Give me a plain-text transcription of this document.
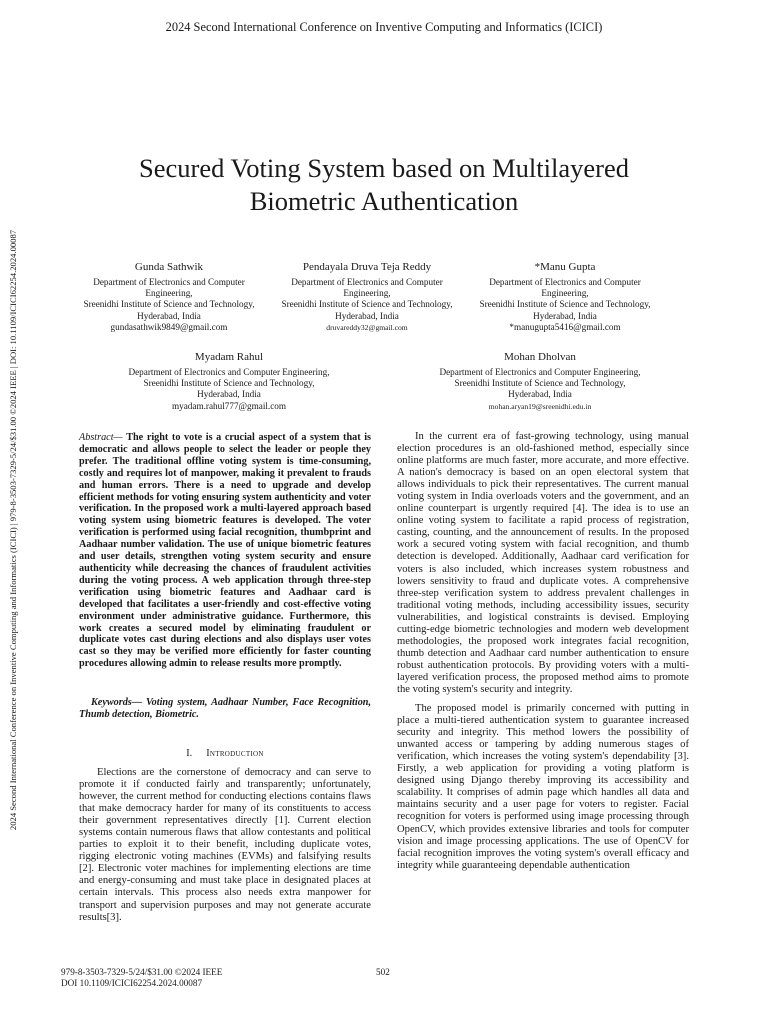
2024 Second International Conference on Inventive Computing and Informatics (ICICI)
2024 Second International Conference on Inventive Computing and Informatics (ICICI) | 979-8-3503-7329-5/24/$31.00 ©2024 IEEE | DOI: 10.1109/ICICI62254.2024.00087
Secured Voting System based on Multilayered
Biometric Authentication
Gunda Sathwik
Department of Electronics and Computer
Engineering,
Sreenidhi Institute of Science and Technology,
Hyderabad, India
gundasathwik9849@gmail.com
Pendayala Druva Teja Reddy
Department of Electronics and Computer
Engineering,
Sreenidhi Institute of Science and Technology,
Hyderabad, India
druvareddy32@gmail.com
*Manu Gupta
Department of Electronics and Computer
Engineering,
Sreenidhi Institute of Science and Technology,
Hyderabad, India
*manugupta5416@gmail.com
Myadam Rahul
Department of Electronics and Computer Engineering,
Sreenidhi Institute of Science and Technology,
Hyderabad, India
myadam.rahul777@gmail.com
Mohan Dholvan
Department of Electronics and Computer Engineering,
Sreenidhi Institute of Science and Technology,
Hyderabad, India
mohan.aryan19@sreenidhi.edu.in
Abstract— The right to vote is a crucial aspect of a system that is democratic and allows people to select the leader or people they prefer. The traditional offline voting system is time-consuming, costly and requires lot of manpower, making it prevalent to frauds and human errors. There is a need to upgrade and develop efficient methods for voting ensuring system authenticity and voter verification. In the proposed work a multi-layered approach based voting system using biometric features is developed. The voter verification is performed using facial recognition, thumbprint and Aadhaar number validation. The use of unique biometric features and user details, strengthen voting system security and ensure authenticity while decreasing the chances of fraudulent activities during the voting process. A web application through three-step verification using biometric features and Aadhaar card is developed that facilitates a user-friendly and cost-effective voting environment under administrative guidance. Furthermore, this work creates a secured model by eliminating fraudulent or duplicate votes cast during elections and also displays user votes cast so they may be verified more efficiently for faster counting procedures allowing admin to release results more promptly.
Keywords— Voting system, Aadhaar Number, Face Recognition, Thumb detection, Biometric.
I. Introduction

Elections are the cornerstone of democracy and can serve to promote it if conducted fairly and transparently; unfortunately, however, the current method for conducting elections contains flaws that make democracy harder for many of its constituents to access their government representatives directly [1]. Current election systems contain numerous flaws that allow contestants and political parties to exploit it to their benefit, including duplicate votes, rigging electronic voting machines (EVMs) and falsifying results [2]. Electronic voter machines for implementing elections are time and energy-consuming and must take place in designated places at certain intervals. This process also needs extra manpower for transport and supervision purposes and may not generate accurate results[3].

In the current era of fast-growing technology, using manual election procedures is an old-fashioned method, especially since online platforms are much faster, more accurate, and more effective. A nation's democracy is based on an open electoral system that allows individuals to pick their representatives. The current manual voting system in India overloads voters and the government, and an online counterpart is urgently required [4]. The idea is to use an online voting system to facilitate a rapid process of registration, casting, counting, and the announcement of results. In the proposed work a secured voting system with facial recognition, and thumb detection is developed. Additionally, Aadhaar card verification for voters is also included, which increases system robustness and lowers sensitivity to fraud and duplicate votes. A comprehensive three-step verification system to address prevalent challenges in traditional voting methods, including accessibility issues, security vulnerabilities, and logistical constraints is devised. Employing cutting-edge biometric technologies and modern web development methodologies, the proposed work integrates facial recognition, thumb detection and Aadhaar card number authentication to ensure robust authentication protocols. By providing voters with a multi-layered verification process, the proposed method aims to promote the voting system's security and integrity.

The proposed model is primarily concerned with putting in place a multi-tiered authentication system to guarantee increased security and integrity. This method lowers the possibility of unwanted access or tampering by adding numerous stages of verification, which increases the voting system's dependability [3]. Firstly, a web application for providing a voting platform is designed using Django thereby improving its accessibility and scalability. It comprises of admin page which handles all data and maintains security and a user page for voters to register. Facial recognition for voters is performed using image processing through OpenCV, which provides extensive libraries and tools for computer vision and image processing applications. The use of OpenCV for facial recognition improves the voting system's overall efficacy and integrity while guaranteeing dependable authentication

979-8-3503-7329-5/24/$31.00 ©2024 IEEE
DOI 10.1109/ICICI62254.2024.00087
502
